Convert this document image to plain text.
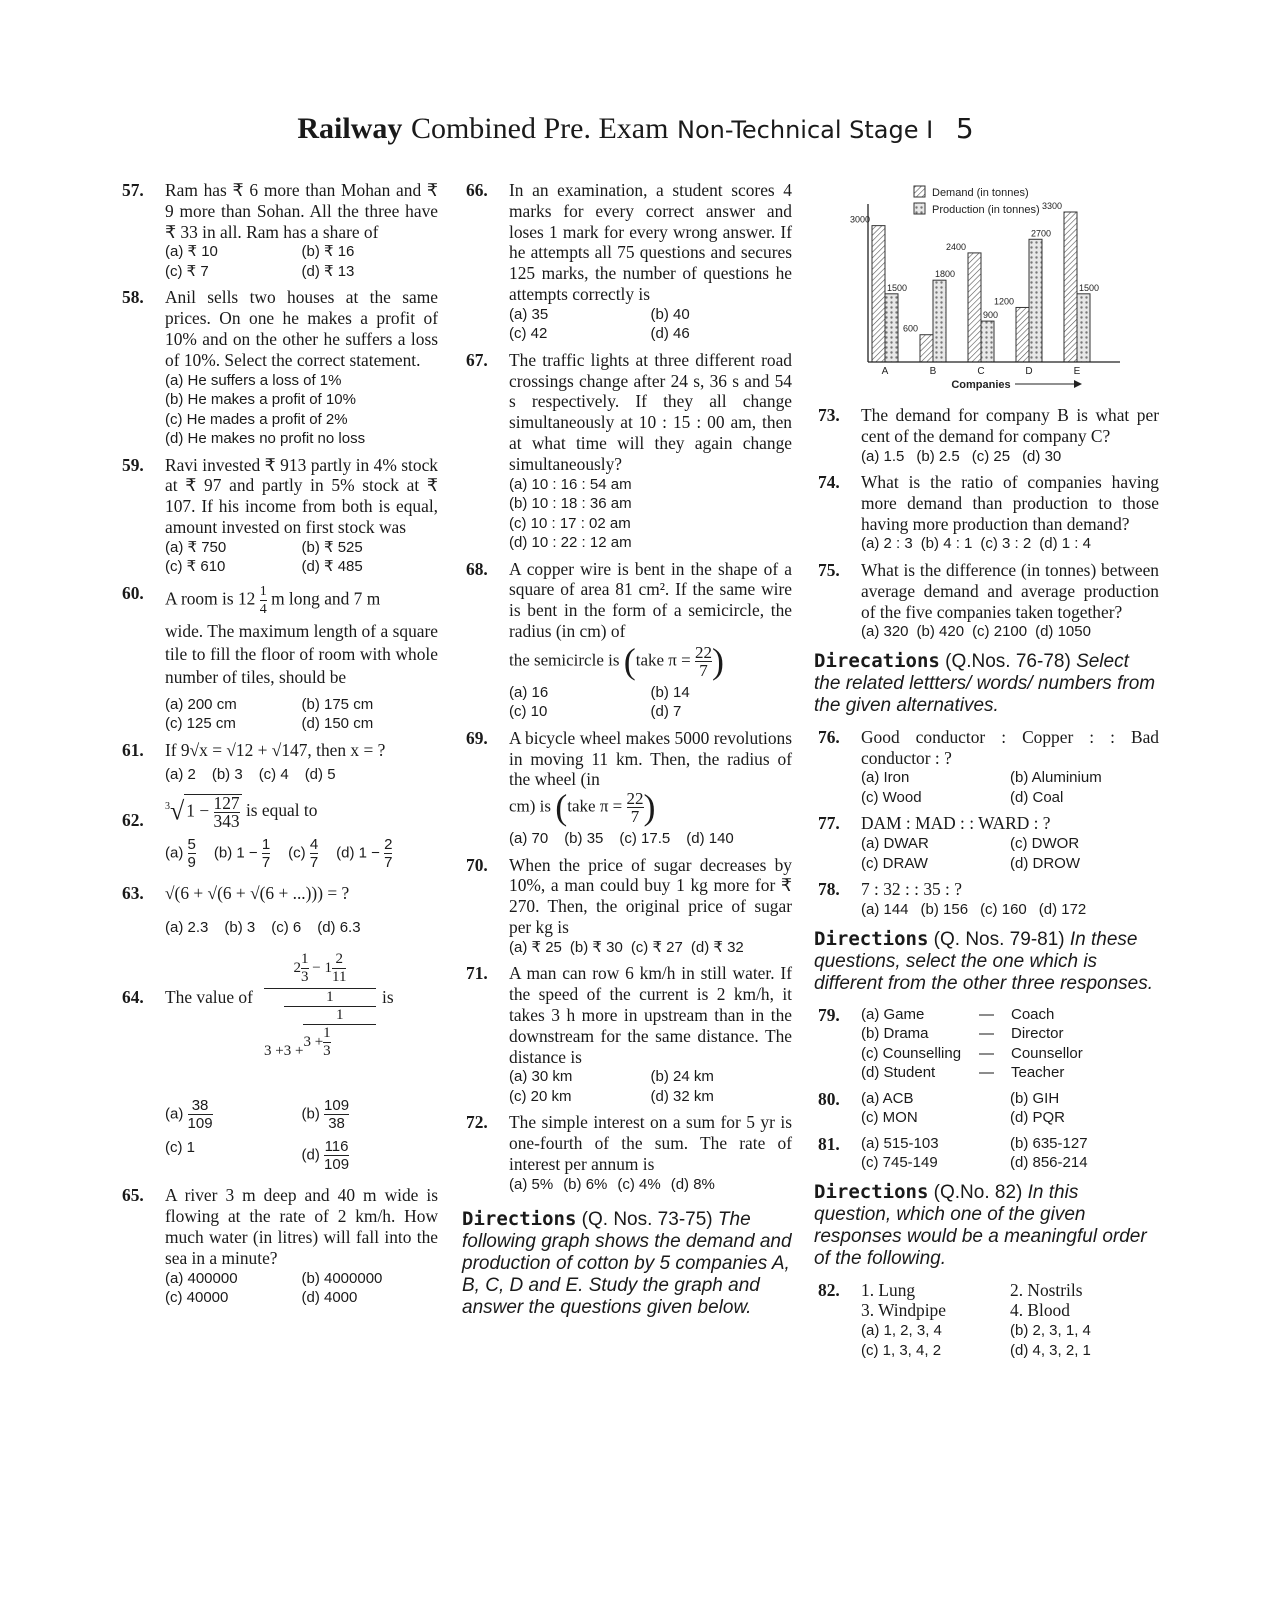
Railway Combined Pre. Exam Non-Technical Stage I 5
57. Ram has ₹ 6 more than Mohan and ₹ 9 more than Sohan. All the three have ₹ 33 in all. Ram has a share of
(a) ₹ 10	(b) ₹ 16
(c) ₹ 7	(d) ₹ 13
58. Anil sells two houses at the same prices. On one he makes a profit of 10% and on the other he suffers a loss of 10%. Select the correct statement.
(a) He suffers a loss of 1%
(b) He makes a profit of 10%
(c) He mades a profit of 2%
(d) He makes no profit no loss
59. Ravi invested ₹ 913 partly in 4% stock at ₹ 97 and partly in 5% stock at ₹ 107. If his income from both is equal, amount invested on first stock was
(a) ₹ 750	(b) ₹ 525
(c) ₹ 610	(d) ₹ 485
60. A room is $12 \frac{1}{4}$ m long and 7 m
wide. The maximum length of a square tile to fill the floor of room with whole number of tiles, should be
(a) 200 cm	(b) 175 cm
(c) 125 cm	(d) 150 cm
61. If 9√x = √12 + √147, then x = ?
(a) 2 (b) 3 (c) 4 (d) 5
62.
$^3$√ $1 - \frac{127}{343}$ is equal to
$(a) \frac{5}{9} (b) 1 - \frac{1}{7} (c) \frac{4}{7} (d) 1 - \frac{2}{7}$
63. √(6 + √(6 + √(6 + ...))) = ?
(a) 2.3 (b) 3 (c) 6 (d) 6.3
64. The value of	is
$2 \frac{1}{3} - 1 \frac{2}{11}$
3 +
1
$3 + \frac{1}{3 + \frac{1}{3}}$
$(a) \frac{38}{109}$	$(b) \frac{109}{38}$
(c) 1	$(d) \frac{116}{109}$
65. A river 3 m deep and 40 m wide is flowing at the rate of 2 km/h. How much water (in litres) will fall into the sea in a minute?
(a) 400000	(b) 4000000
(c) 40000	(d) 4000
66. In an examination, a student scores 4 marks for every correct answer and loses 1 mark for every wrong answer. If he attempts all 75 questions and secures 125 marks, the number of questions he attempts correctly is
(a) 35	(b) 40
(c) 42	(d) 46
67. The traffic lights at three different road crossings change after 24 s, 36 s and 54 s respectively. If they all change simultaneously at 10 : 15 : 00 am, then at what time will they again change simultaneously?
(a) 10 : 16 : 54 am
(b) 10 : 18 : 36 am
(c) 10 : 17 : 02 am
(d) 10 : 22 : 12 am
68. A copper wire is bent in the shape of a square of area 81 cm². If the same wire is bent in the form of a semicircle, the radius (in cm) of
the semicircle is (take $\pi = \frac{22}{7}$ )
(a) 16	(b) 14
(c) 10	(d) 7
69. A bicycle wheel makes 5000 revolutions in moving 11 km. Then, the radius of the wheel (in
cm) is (take $\pi = \frac{22}{7}$ )
(a) 70 (b) 35 (c) 17.5 (d) 140
70. When the price of sugar decreases by 10%, a man could buy 1 kg more for ₹ 270. Then, the original price of sugar per kg is
(a) ₹ 25 (b) ₹ 30 (c) ₹ 27 (d) ₹ 32
71. A man can row 6 km/h in still water. If the speed of the current is 2 km/h, it takes 3 h more in upstream than in the downstream for the same distance. The distance is
(a) 30 km	(b) 24 km
(c) 20 km	(d) 32 km
72. The simple interest on a sum for 5 yr is one-fourth of the sum. The rate of interest per annum is
(a) 5% (b) 6% (c) 4% (d) 8%
Directions (Q. Nos. 73-75) The following graph shows the demand and production of cotton by 5 companies A, B, C, D and E. Study the graph and answer the questions given below.
Demand (in tonnes)
Production (in tonnes)
3000
1500
600
1800
2400
900
1200
2700
3300
1500
A	B	C	D	E
Companies
73. The demand for company B is what per cent of the demand for company C?
(a) 1.5 (b) 2.5 (c) 25 (d) 30
74. What is the ratio of companies having more demand than production to those having more production than demand?
(a) 2 : 3 (b) 4 : 1 (c) 3 : 2 (d) 1 : 4
75. What is the difference (in tonnes) between average demand and average production of the five companies taken together?
(a) 320 (b) 420 (c) 2100 (d) 1050
Direcations (Q.Nos. 76-78) Select the related lettters/ words/ numbers from the given alternatives.
76. Good conductor : Copper : : Bad conductor : ?
(a) Iron	(b) Aluminium
(c) Wood	(d) Coal
77. DAM : MAD : : WARD : ?
(a) DWAR	(c) DWOR
(c) DRAW	(d) DROW
78. 7 : 32 : : 35 : ?
(a) 144 (b) 156 (c) 160 (d) 172
Directions (Q. Nos. 79-81) In these questions, select the one which is different from the other three responses.
79. (a) Game	—	Coach
(b) Drama	—	Director
(c) Counselling	—	Counsellor
(d) Student	—	Teacher
80. (a) ACB	(b) GIH
(c) MON	(d) PQR
81. (a) 515-103	(b) 635-127
(c) 745-149	(d) 856-214
Directions (Q.No. 82) In this question, which one of the given responses would be a meaningful order of the following.
82. 1. Lung	2. Nostrils
3. Windpipe	4. Blood
(a) 1, 2, 3, 4	(b) 2, 3, 1, 4
(c) 1, 3, 4, 2	(d) 4, 3, 2, 1
